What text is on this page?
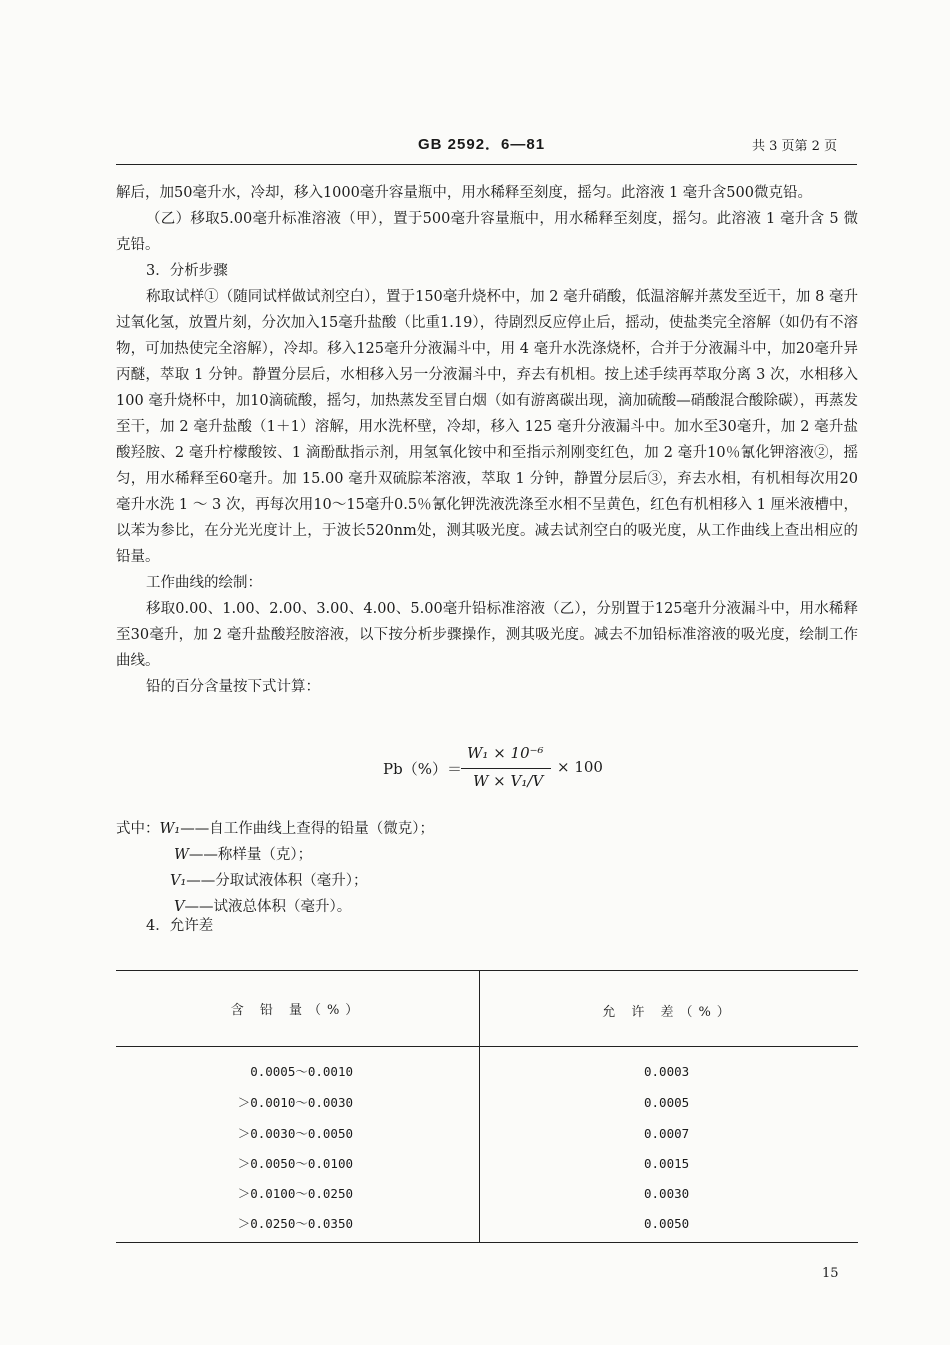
GB 2592．6—81	共 3 页第 2 页

解后，加50毫升水，冷却，移入1000毫升容量瓶中，用水稀释至刻度，摇匀。此溶液 1 毫升含500微克铅。

（乙）移取5.00毫升标准溶液（甲），置于500毫升容量瓶中，用水稀释至刻度，摇匀。此溶液 1 毫升含 5 微克铅。

3．分析步骤

称取试样①（随同试样做试剂空白），置于150毫升烧杯中，加 2 毫升硝酸，低温溶解并蒸发至近干，加 8 毫升过氧化氢，放置片刻，分次加入15毫升盐酸（比重1.19），待剧烈反应停止后，摇动，使盐类完全溶解（如仍有不溶物，可加热使完全溶解），冷却。移入125毫升分液漏斗中，用 4 毫升水洗涤烧杯，合并于分液漏斗中，加20毫升异丙醚，萃取 1 分钟。静置分层后，水相移入另一分液漏斗中，弃去有机相。按上述手续再萃取分离 3 次，水相移入 100 毫升烧杯中，加10滴硫酸，摇匀，加热蒸发至冒白烟（如有游离碳出现，滴加硫酸—硝酸混合酸除碳），再蒸发至干，加 2 毫升盐酸（1＋1）溶解，用水洗杯壁，冷却，移入 125 毫升分液漏斗中。加水至30毫升，加 2 毫升盐酸羟胺、2 毫升柠檬酸铵、1 滴酚酞指示剂，用氢氧化铵中和至指示剂刚变红色，加 2 毫升10％氰化钾溶液②，摇匀，用水稀释至60毫升。加 15.00 毫升双硫腙苯溶液，萃取 1 分钟，静置分层后③，弃去水相，有机相每次用20毫升水洗 1 ～ 3 次，再每次用10～15毫升0.5％氰化钾洗液洗涤至水相不呈黄色，红色有机相移入 1 厘米液槽中，以苯为参比，在分光光度计上，于波长520nm处，测其吸光度。减去试剂空白的吸光度，从工作曲线上查出相应的铅量。

工作曲线的绘制：

移取0.00、1.00、2.00、3.00、4.00、5.00毫升铅标准溶液（乙），分别置于125毫升分液漏斗中，用水稀释至30毫升，加 2 毫升盐酸羟胺溶液，以下按分析步骤操作，测其吸光度。减去不加铅标准溶液的吸光度，绘制工作曲线。

铅的百分含量按下式计算：

Pb（%）＝
W₁ × 10⁻⁶
W × V₁/V
× 100
式中：W₁——自工作曲线上查得的铅量（微克）；
W——称样量（克）；
V₁——分取试液体积（毫升）；
V——试液总体积（毫升）。
4．允许差
含 铅 量（%）	允 许 差（%）
0.0005～0.0010	0.0003
＞0.0010～0.0030	0.0005
＞0.0030～0.0050	0.0007
＞0.0050～0.0100	0.0015
＞0.0100～0.0250	0.0030
＞0.0250～0.0350	0.0050
15
